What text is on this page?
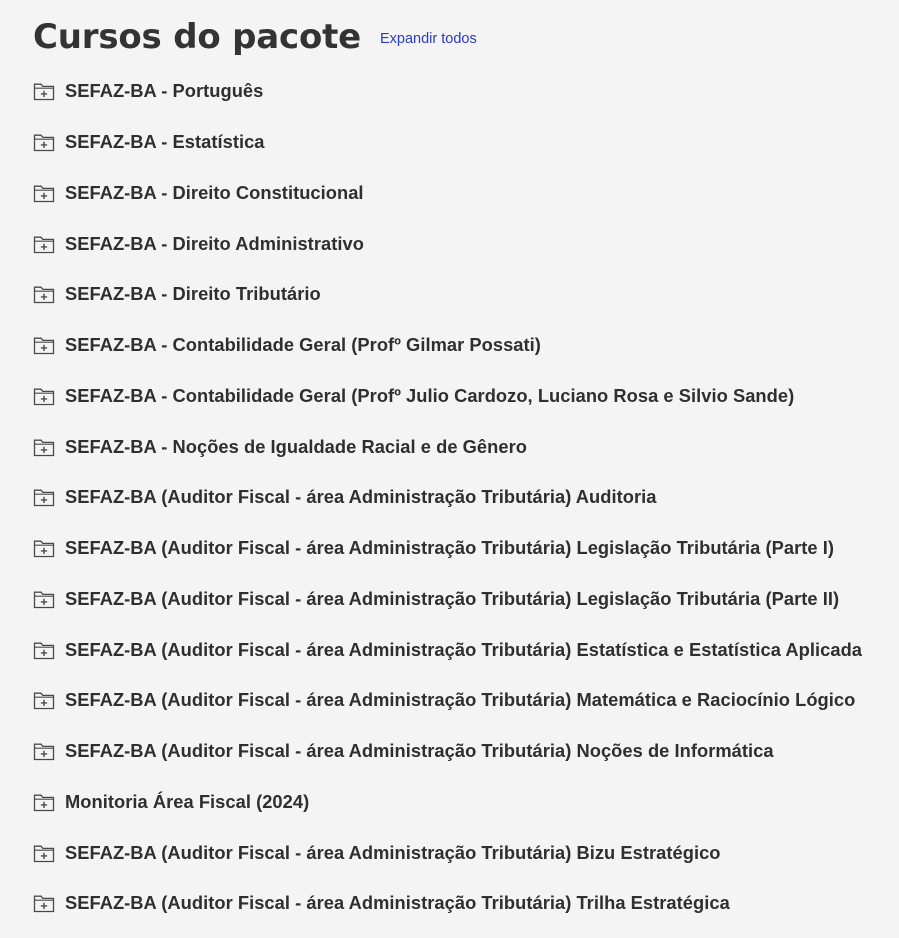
Cursos do pacote Expandir todos
SEFAZ-BA - Português
SEFAZ-BA - Estatística
SEFAZ-BA - Direito Constitucional
SEFAZ-BA - Direito Administrativo
SEFAZ-BA - Direito Tributário
SEFAZ-BA - Contabilidade Geral (Profº Gilmar Possati)
SEFAZ-BA - Contabilidade Geral (Profº Julio Cardozo, Luciano Rosa e Silvio Sande)
SEFAZ-BA - Noções de Igualdade Racial e de Gênero
SEFAZ-BA (Auditor Fiscal - área Administração Tributária) Auditoria
SEFAZ-BA (Auditor Fiscal - área Administração Tributária) Legislação Tributária (Parte I)
SEFAZ-BA (Auditor Fiscal - área Administração Tributária) Legislação Tributária (Parte II)
SEFAZ-BA (Auditor Fiscal - área Administração Tributária) Estatística e Estatística Aplicada
SEFAZ-BA (Auditor Fiscal - área Administração Tributária) Matemática e Raciocínio Lógico
SEFAZ-BA (Auditor Fiscal - área Administração Tributária) Noções de Informática
Monitoria Área Fiscal (2024)
SEFAZ-BA (Auditor Fiscal - área Administração Tributária) Bizu Estratégico
SEFAZ-BA (Auditor Fiscal - área Administração Tributária) Trilha Estratégica
